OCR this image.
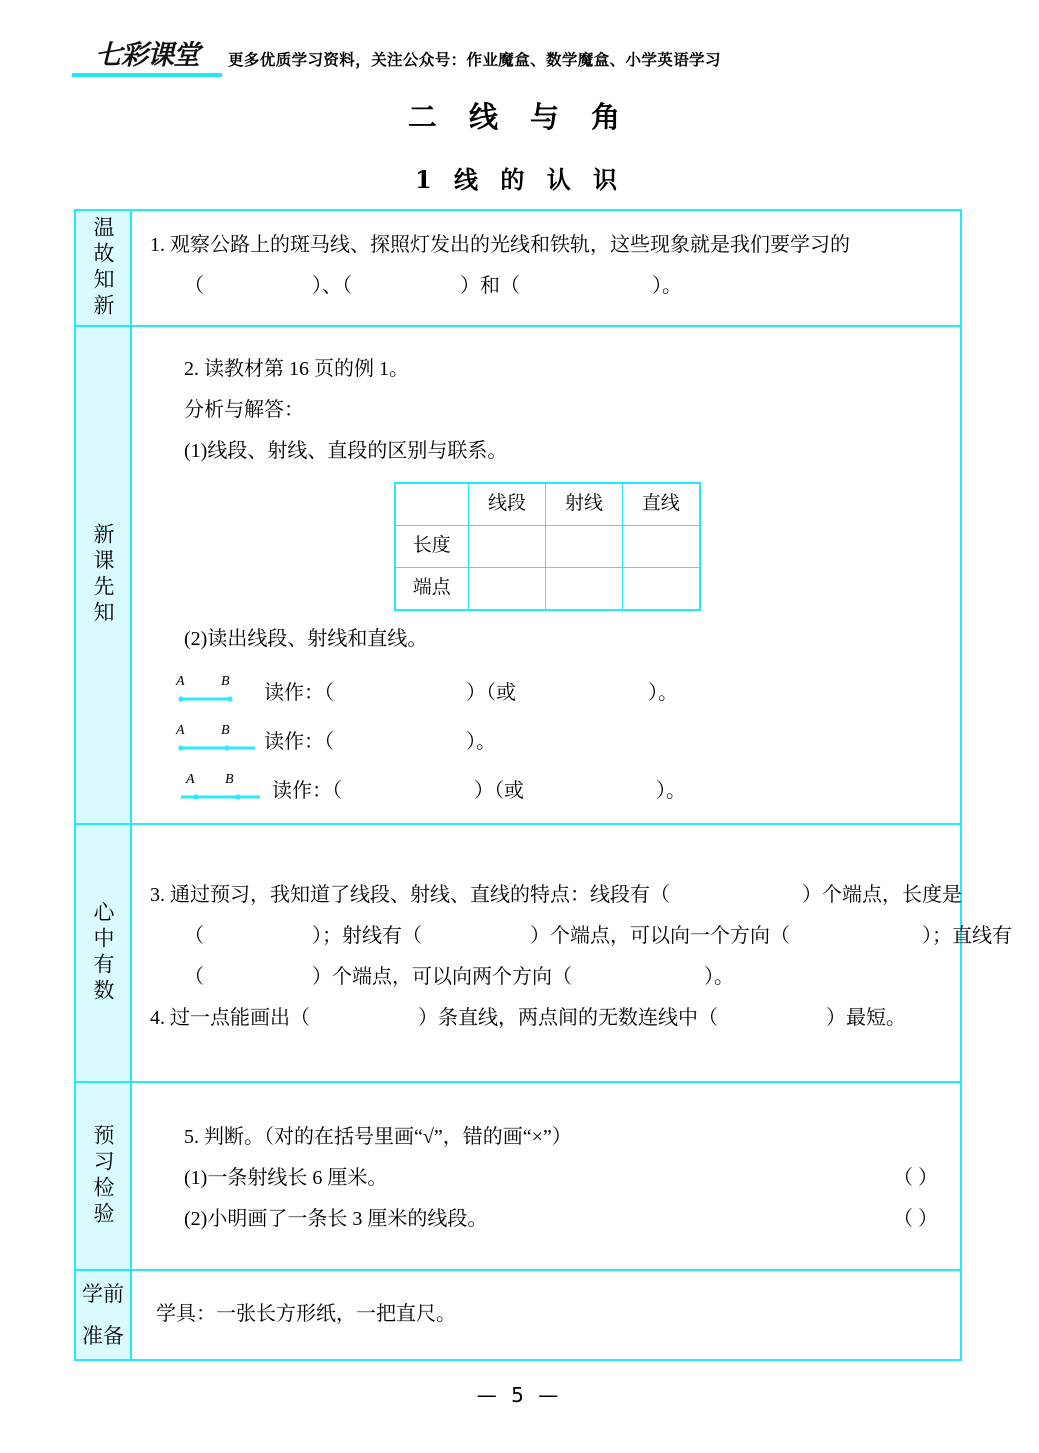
七彩课堂	更多优质学习资料，关注公众号：作业魔盒、数学魔盒、小学英语学习
二 线 与 角
1 线 的 认 识
温故知新 1. 观察公路上的斑马线、探照灯发出的光线和铁轨，这些现象就是我们要学习的
（	）、（	）和（	）。
新课先知
2. 读教材第 16 页的例 1。
分析与解答：
(1)线段、射线、直段的区别与联系。
	线段	射线	直线
长度			
端点			
(2)读出线段、射线和直线。
A	B
读作：（	）（或	）。
A	B
读作：（	）。
A B
读作：（	）（或	）。
心中有数
3. 通过预习，我知道了线段、射线、直线的特点：线段有（	）个端点，长度是
（	）；射线有（	）个端点，可以向一个方向（	）；直线有
（	）个端点，可以向两个方向（	）。
4. 过一点能画出（	）条直线，两点间的无数连线中（	）最短。
预习检验	5. 判断。（对的在括号里画“√”，错的画“×”）
(1)一条射线长 6 厘米。	（ ）
(2)小明画了一条长 3 厘米的线段。	（ ）
学前
准备
学具：一张长方形纸，一把直尺。
— 5 —
